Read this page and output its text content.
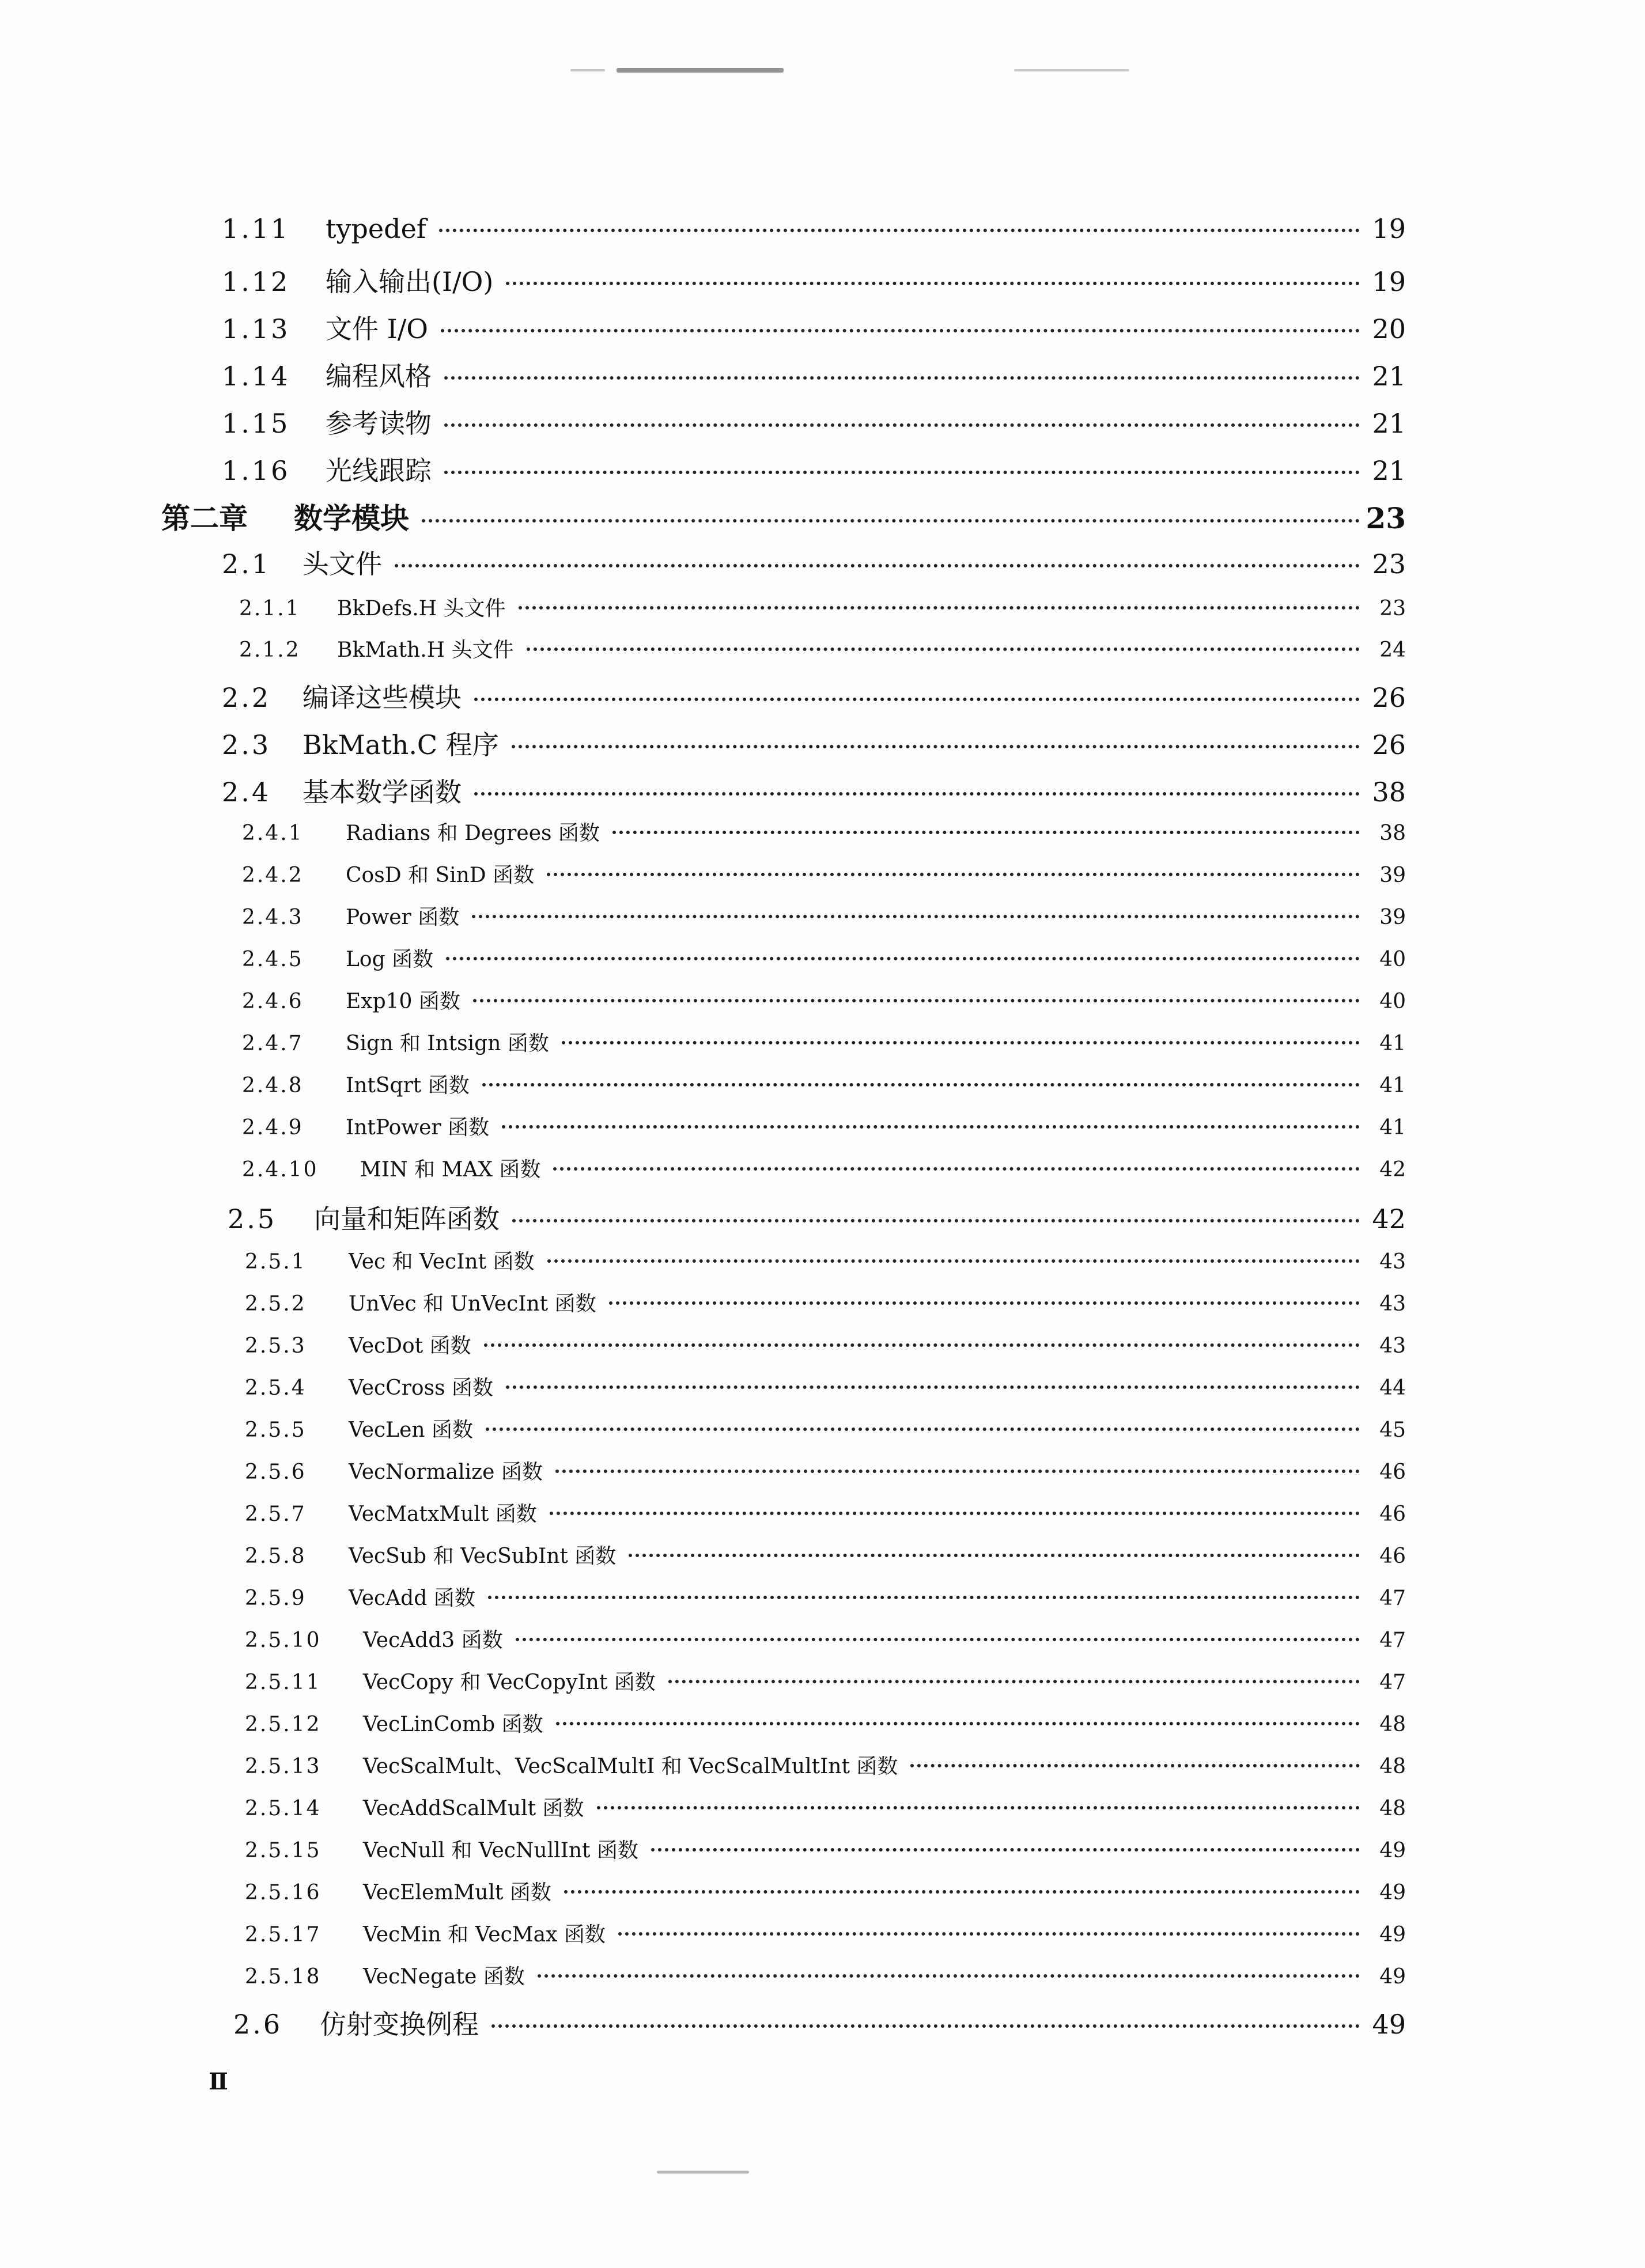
1.11	typedef	19
1.12	输入输出(I/O)	19
1.13	文件 I/O	20
1.14	编程风格	21
1.15	参考读物	21
1.16	光线跟踪	21
第二章	数学模块	23
2.1	头文件	23
2.1.1	BkDefs.H 头文件	23
2.1.2	BkMath.H 头文件	24
2.2	编译这些模块	26
2.3	BkMath.C 程序	26
2.4	基本数学函数	38
2.4.1	Radians 和 Degrees 函数	38
2.4.2	CosD 和 SinD 函数	39
2.4.3	Power 函数	39
2.4.5	Log 函数	40
2.4.6	Exp10 函数	40
2.4.7	Sign 和 Intsign 函数	41
2.4.8	IntSqrt 函数	41
2.4.9	IntPower 函数	41
2.4.10	MIN 和 MAX 函数	42
2.5	向量和矩阵函数	42
2.5.1	Vec 和 VecInt 函数	43
2.5.2	UnVec 和 UnVecInt 函数	43
2.5.3	VecDot 函数	43
2.5.4	VecCross 函数	44
2.5.5	VecLen 函数	45
2.5.6	VecNormalize 函数	46
2.5.7	VecMatxMult 函数	46
2.5.8	VecSub 和 VecSubInt 函数	46
2.5.9	VecAdd 函数	47
2.5.10	VecAdd3 函数	47
2.5.11	VecCopy 和 VecCopyInt 函数	47
2.5.12	VecLinComb 函数	48
2.5.13	VecScalMult、VecScalMultI 和 VecScalMultInt 函数	48
2.5.14	VecAddScalMult 函数	48
2.5.15	VecNull 和 VecNullInt 函数	49
2.5.16	VecElemMult 函数	49
2.5.17	VecMin 和 VecMax 函数	49
2.5.18	VecNegate 函数	49
2.6	仿射变换例程	49
Ⅱ
